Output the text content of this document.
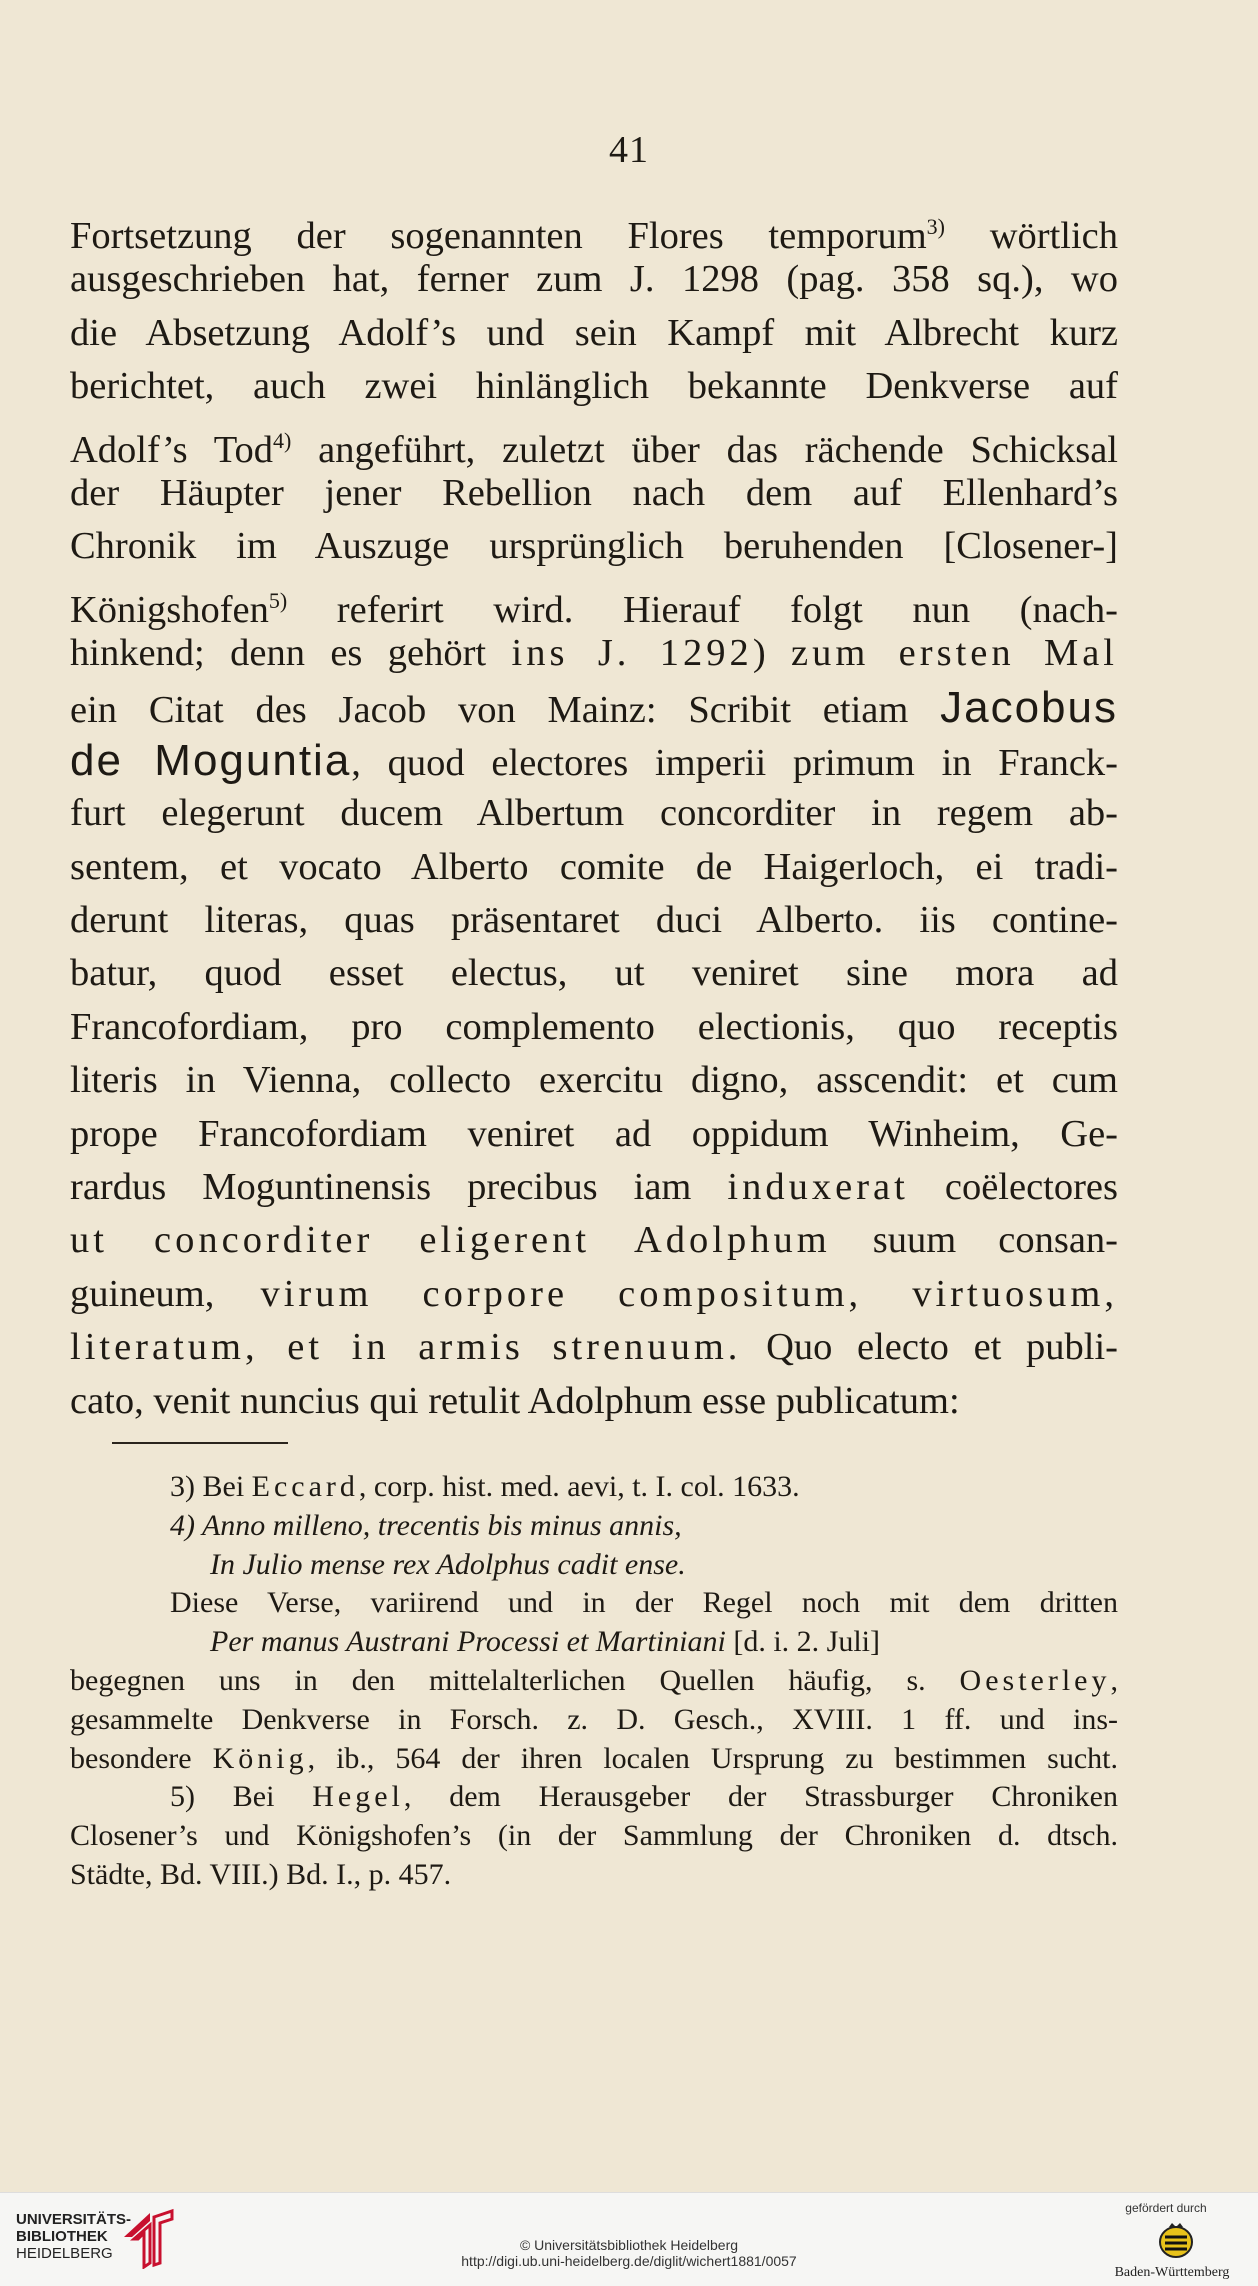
41
Fortsetzung der sogenannten Flores temporum$^{3)}$ wörtlich
ausgeschrieben hat, ferner zum J. 1298 (pag. 358 sq.), wo
die Absetzung Adolf’s und sein Kampf mit Albrecht kurz
berichtet, auch zwei hinlänglich bekannte Denkverse auf
Adolf’s Tod$^{4)}$ angeführt, zuletzt über das rächende Schicksal
der Häupter jener Rebellion nach dem auf Ellenhard’s
Chronik im Auszuge ursprünglich beruhenden [Closener-]
Königshofen$^{5)}$ referirt wird. Hierauf folgt nun (nach-
hinkend; denn es gehört ins J. 1292) zum ersten Mal
ein Citat des Jacob von Mainz: Scribit etiam Jacobus
de Moguntia, quod electores imperii primum in Franck-
furt elegerunt ducem Albertum concorditer in regem ab-
sentem, et vocato Alberto comite de Haigerloch, ei tradi-
derunt literas, quas präsentaret duci Alberto. iis contine-
batur, quod esset electus, ut veniret sine mora ad
Francofordiam, pro complemento electionis, quo receptis
literis in Vienna, collecto exercitu digno, asscendit: et cum
prope Francofordiam veniret ad oppidum Winheim, Ge-
rardus Moguntinensis precibus iam induxerat coëlectores
ut concorditer eligerent Adolphum suum consan-
guineum, virum corpore compositum, virtuosum,
literatum, et in armis strenuum. Quo electo et publi-
cato, venit nuncius qui retulit Adolphum esse publicatum:
3) Bei Eccard, corp. hist. med. aevi, t. I. col. 1633.
4) Anno milleno, trecentis bis minus annis,
In Julio mense rex Adolphus cadit ense.
Diese Verse, variirend und in der Regel noch mit dem dritten
Per manus Austrani Processi et Martiniani [d. i. 2. Juli]
begegnen uns in den mittelalterlichen Quellen häufig, s. Oesterley,
gesammelte Denkverse in Forsch. z. D. Gesch., XVIII. 1 ff. und ins-
besondere König, ib., 564 der ihren localen Ursprung zu bestimmen sucht.
5) Bei Hegel, dem Herausgeber der Strassburger Chroniken
Closener’s und Königshofen’s (in der Sammlung der Chroniken d. dtsch.
Städte, Bd. VIII.) Bd. I., p. 457.
UNIVERSITÄTS-
BIBLIOTHEK
HEIDELBERG	© Universitätsbibliothek Heidelberg
http://digi.ub.uni-heidelberg.de/diglit/wichert1881/0057
gefördert durch
Baden-Württemberg
